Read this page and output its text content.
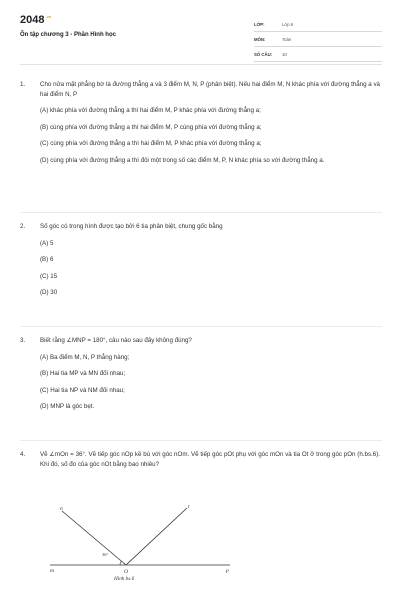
$2048^{.vn}$
Ôn tập chương 3 - Phần Hình học
LỚP:	Lớp 6
MÔN:	Toán
SỐ CÂU:	10
1. Cho nửa mặt phẳng bờ là đường thẳng a và 3 điểm M, N, P (phân biệt). Nếu hai điểm M, N khác phía với đường thẳng a và hai điểm N, P
(A) khác phía với đường thẳng a thì hai điểm M, P khác phía với đường thẳng a;
(B) cùng phía với đường thẳng a thì hai điểm M, P cùng phía với đường thẳng a;
(C) cùng phía với đường thẳng a thì hai điểm M, P khác phía với đường thẳng a;
(D) cùng phía với đường thẳng a thì đôi một trong số các điểm M, P, N khác phía so với đường thẳng a.
2. Số góc có trong hình được tạo bởi 6 tia phân biệt, chung gốc bằng
(A) 5
(B) 6
(C) 15
(D) 30
3. Biết rằng ∠MNP = 180°, câu nào sau đây không đúng?
(A) Ba điểm M, N, P thẳng hàng;
(B) Hai tia MP và MN đối nhau;
(C) Hai tia NP và NM đối nhau;
(D) MNP là góc bẹt.
4. Vẽ ∠mOn = 36°. Vẽ tiếp góc nOp kề bù với góc nOm. Vẽ tiếp góc pOt phụ với góc mOn và tia Ot ở trong góc pOn (h.bs.6). Khi đó, số đo của góc nOt bằng bao nhiêu?
n	t
m	O	p
36°
Hình bs.6
